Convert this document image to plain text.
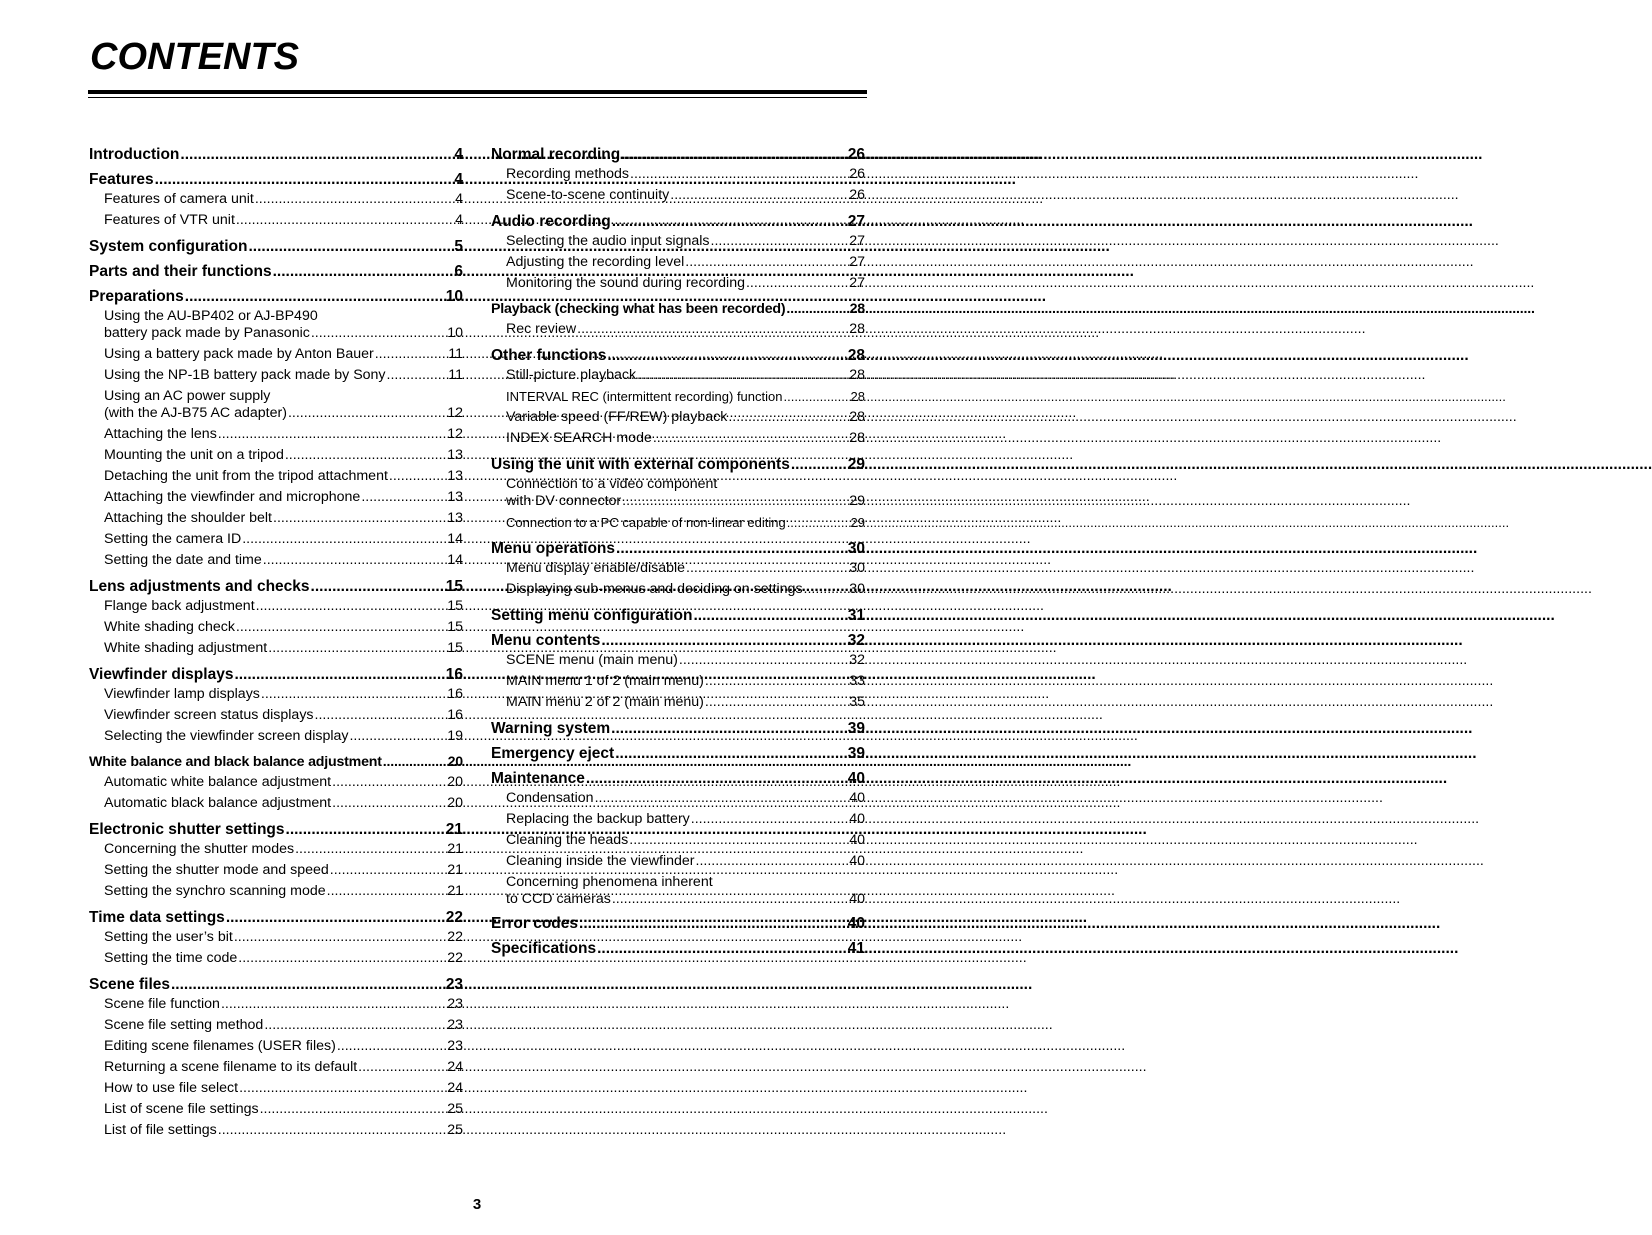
CONTENTS
Introduction .....	4
Features .....	4
Features of camera unit .....	4
Features of VTR unit .....	4
System configuration .....	5
Parts and their functions .....	6
Preparations .....	10
Using the AU-BP402 or AJ-BP490
battery pack made by Panasonic .....	10
Using a battery pack made by Anton Bauer .....	11
Using the NP-1B battery pack made by Sony .....	11
Using an AC power supply
(with the AJ-B75 AC adapter) .....	12
Attaching the lens .....	12
Mounting the unit on a tripod .....	13
Detaching the unit from the tripod attachment .....	13
Attaching the viewfinder and microphone .....	13
Attaching the shoulder belt .....	13
Setting the camera ID .....	14
Setting the date and time .....	14
Lens adjustments and checks .....	15
Flange back adjustment .....	15
White shading check .....	15
White shading adjustment .....	15
Viewfinder displays .....	16
Viewfinder lamp displays .....	16
Viewfinder screen status displays .....	16
Selecting the viewfinder screen display .....	19
White balance and black balance adjustment .....	20
Automatic white balance adjustment .....	20
Automatic black balance adjustment .....	20
Electronic shutter settings .....	21
Concerning the shutter modes .....	21
Setting the shutter mode and speed .....	21
Setting the synchro scanning mode .....	21
Time data settings .....	22
Setting the user’s bit .....	22
Setting the time code .....	22
Scene files .....	23
Scene file function .....	23
Scene file setting method .....	23
Editing scene filenames (USER files) .....	23
Returning a scene filename to its default .....	24
How to use file select .....	24
List of scene file settings .....	25
List of file settings .....	25
Normal recording .....	26
Recording methods .....	26
Scene-to-scene continuity .....	26
Audio recording .....	27
Selecting the audio input signals .....	27
Adjusting the recording level .....	27
Monitoring the sound during recording .....	27
Playback (checking what has been recorded) .....	28
Rec review .....	28
Other functions .....	28
Still-picture playback .....	28
INTERVAL REC (intermittent recording) function .....	28
Variable speed (FF/REW) playback .....	28
INDEX SEARCH mode .....	28
Using the unit with external components .....	29
Connection to a video component
with DV connector .....	29
Connection to a PC capable of non-linear editing .....	29
Menu operations .....	30
Menu display enable/disable .....	30
Displaying sub-menus and deciding on settings .....	30
Setting menu configuration .....	31
Menu contents .....	32
SCENE menu (main menu) .....	32
MAIN menu 1 of 2 (main menu) .....	33
MAIN menu 2 of 2 (main menu) .....	35
Warning system .....	39
Emergency eject .....	39
Maintenance .....	40
Condensation .....	40
Replacing the backup battery .....	40
Cleaning the heads .....	40
Cleaning inside the viewfinder .....	40
Concerning phenomena inherent
to CCD cameras .....	40
Error codes .....	40
Specifications .....	41
3
